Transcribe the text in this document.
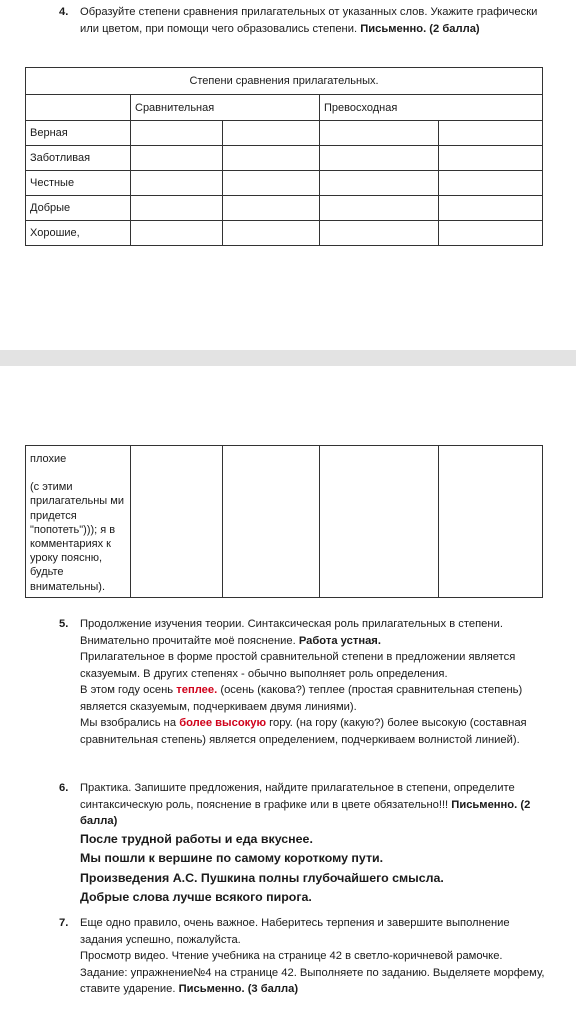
4. Образуйте степени сравнения прилагательных от указанных слов. Укажите графически или цветом, при помощи чего образовались степени. Письменно. (2 балла)

Степени сравнения прилагательных.				
	Сравнительная		Превосходная	
Верная				
Заботливая				
Честные				
Добрые				
Хорошие,				
плохие
(с этими прилагательны ми придется "попотеть"))); я в комментариях к уроку поясню, будьте внимательны).

5. Продолжение изучения теории. Синтаксическая роль прилагательных в степени. Внимательно прочитайте моё пояснение. Работа устная.

Прилагательное в форме простой сравнительной степени в предложении является сказуемым. В других степенях - обычно выполняет роль определения.

В этом году осень теплее. (осень (какова?) теплее (простая сравнительная степень) является сказуемым, подчеркиваем двумя линиями).

Мы взобрались на более высокую гору. (на гору (какую?) более высокую (составная сравнительная степень) является определением, подчеркиваем волнистой линией).

6. Практика. Запишите предложения, найдите прилагательное в степени, определите синтаксическую роль, пояснение в графике или в цвете обязательно!!! Письменно. (2 балла)

После трудной работы и еда вкуснее.
Мы пошли к вершине по самому короткому пути.
Произведения А.С. Пушкина полны глубочайшего смысла.
Добрые слова лучше всякого пирога.
7. Еще одно правило, очень важное. Наберитесь терпения и завершите выполнение задания успешно, пожалуйста.

Просмотр видео. Чтение учебника на странице 42 в светло-коричневой рамочке.

Задание: упражнение№4 на странице 42. Выполняете по заданию. Выделяете морфему, ставите ударение. Письменно. (3 балла)
